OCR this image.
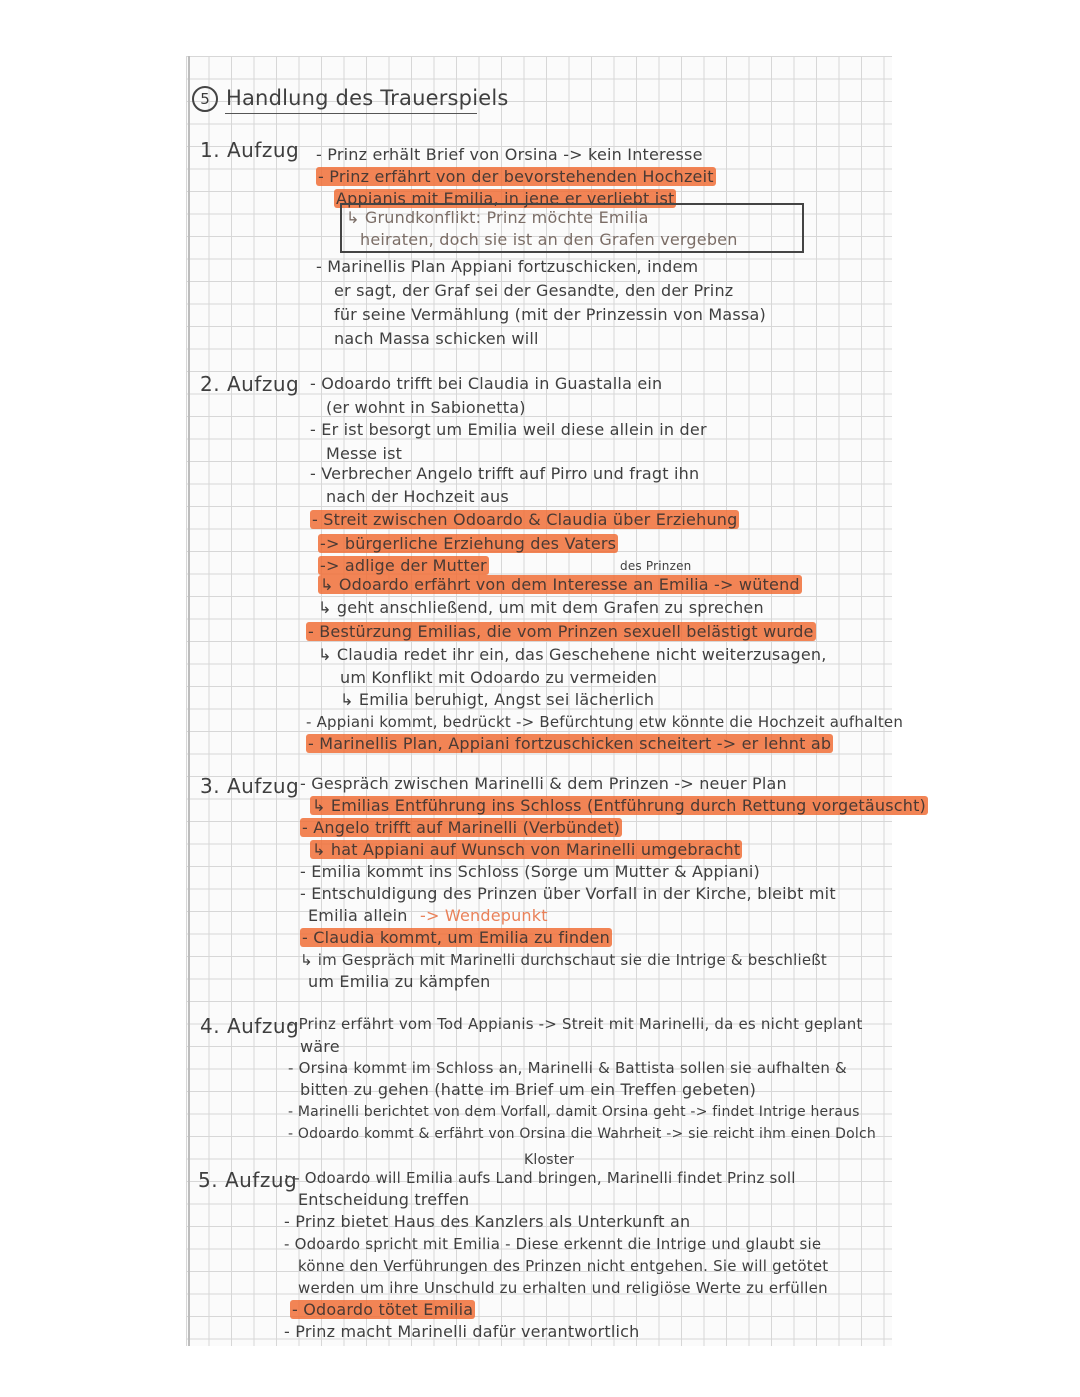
5 Handlung des Trauerspiels
1. Aufzug - Prinz erhält Brief von Orsina -> kein Interesse
- Prinz erfährt von der bevorstehenden Hochzeit
Appianis mit Emilia, in jene er verliebt ist
↳ Grundkonflikt: Prinz möchte Emilia
heiraten, doch sie ist an den Grafen vergeben
- Marinellis Plan Appiani fortzuschicken, indem
er sagt, der Graf sei der Gesandte, den der Prinz
für seine Vermählung (mit der Prinzessin von Massa)
nach Massa schicken will
2. Aufzug - Odoardo trifft bei Claudia in Guastalla ein
(er wohnt in Sabionetta)
- Er ist besorgt um Emilia weil diese allein in der
Messe ist
- Verbrecher Angelo trifft auf Pirro und fragt ihn
nach der Hochzeit aus
- Streit zwischen Odoardo & Claudia über Erziehung
-> bürgerliche Erziehung des Vaters
-> adlige der Mutter	des Prinzen
↳ Odoardo erfährt von dem Interesse an Emilia -> wütend
↳ geht anschließend, um mit dem Grafen zu sprechen
- Bestürzung Emilias, die vom Prinzen sexuell belästigt wurde
↳ Claudia redet ihr ein, das Geschehene nicht weiterzusagen,
um Konflikt mit Odoardo zu vermeiden
↳ Emilia beruhigt, Angst sei lächerlich
- Appiani kommt, bedrückt -> Befürchtung etw könnte die Hochzeit aufhalten
- Marinellis Plan, Appiani fortzuschicken scheitert -> er lehnt ab
3. Aufzug - Gespräch zwischen Marinelli & dem Prinzen -> neuer Plan
↳ Emilias Entführung ins Schloss (Entführung durch Rettung vorgetäuscht)
- Angelo trifft auf Marinelli (Verbündet)
↳ hat Appiani auf Wunsch von Marinelli umgebracht
- Emilia kommt ins Schloss (Sorge um Mutter & Appiani)
- Entschuldigung des Prinzen über Vorfall in der Kirche, bleibt mit
Emilia allein -> Wendepunkt
- Claudia kommt, um Emilia zu finden
↳ im Gespräch mit Marinelli durchschaut sie die Intrige & beschließt
um Emilia zu kämpfen
4. Aufzug
- Prinz erfährt vom Tod Appianis -> Streit mit Marinelli, da es nicht geplant
wäre
- Orsina kommt im Schloss an, Marinelli & Battista sollen sie aufhalten &
bitten zu gehen (hatte im Brief um ein Treffen gebeten)
- Marinelli berichtet von dem Vorfall, damit Orsina geht -> findet Intrige heraus
- Odoardo kommt & erfährt von Orsina die Wahrheit -> sie reicht ihm einen Dolch
Kloster
5. Aufzug
: - Odoardo will Emilia aufs Land bringen, Marinelli findet Prinz soll
Entscheidung treffen
- Prinz bietet Haus des Kanzlers als Unterkunft an
- Odoardo spricht mit Emilia - Diese erkennt die Intrige und glaubt sie
könne den Verführungen des Prinzen nicht entgehen. Sie will getötet
werden um ihre Unschuld zu erhalten und religiöse Werte zu erfüllen
- Odoardo tötet Emilia
- Prinz macht Marinelli dafür verantwortlich
